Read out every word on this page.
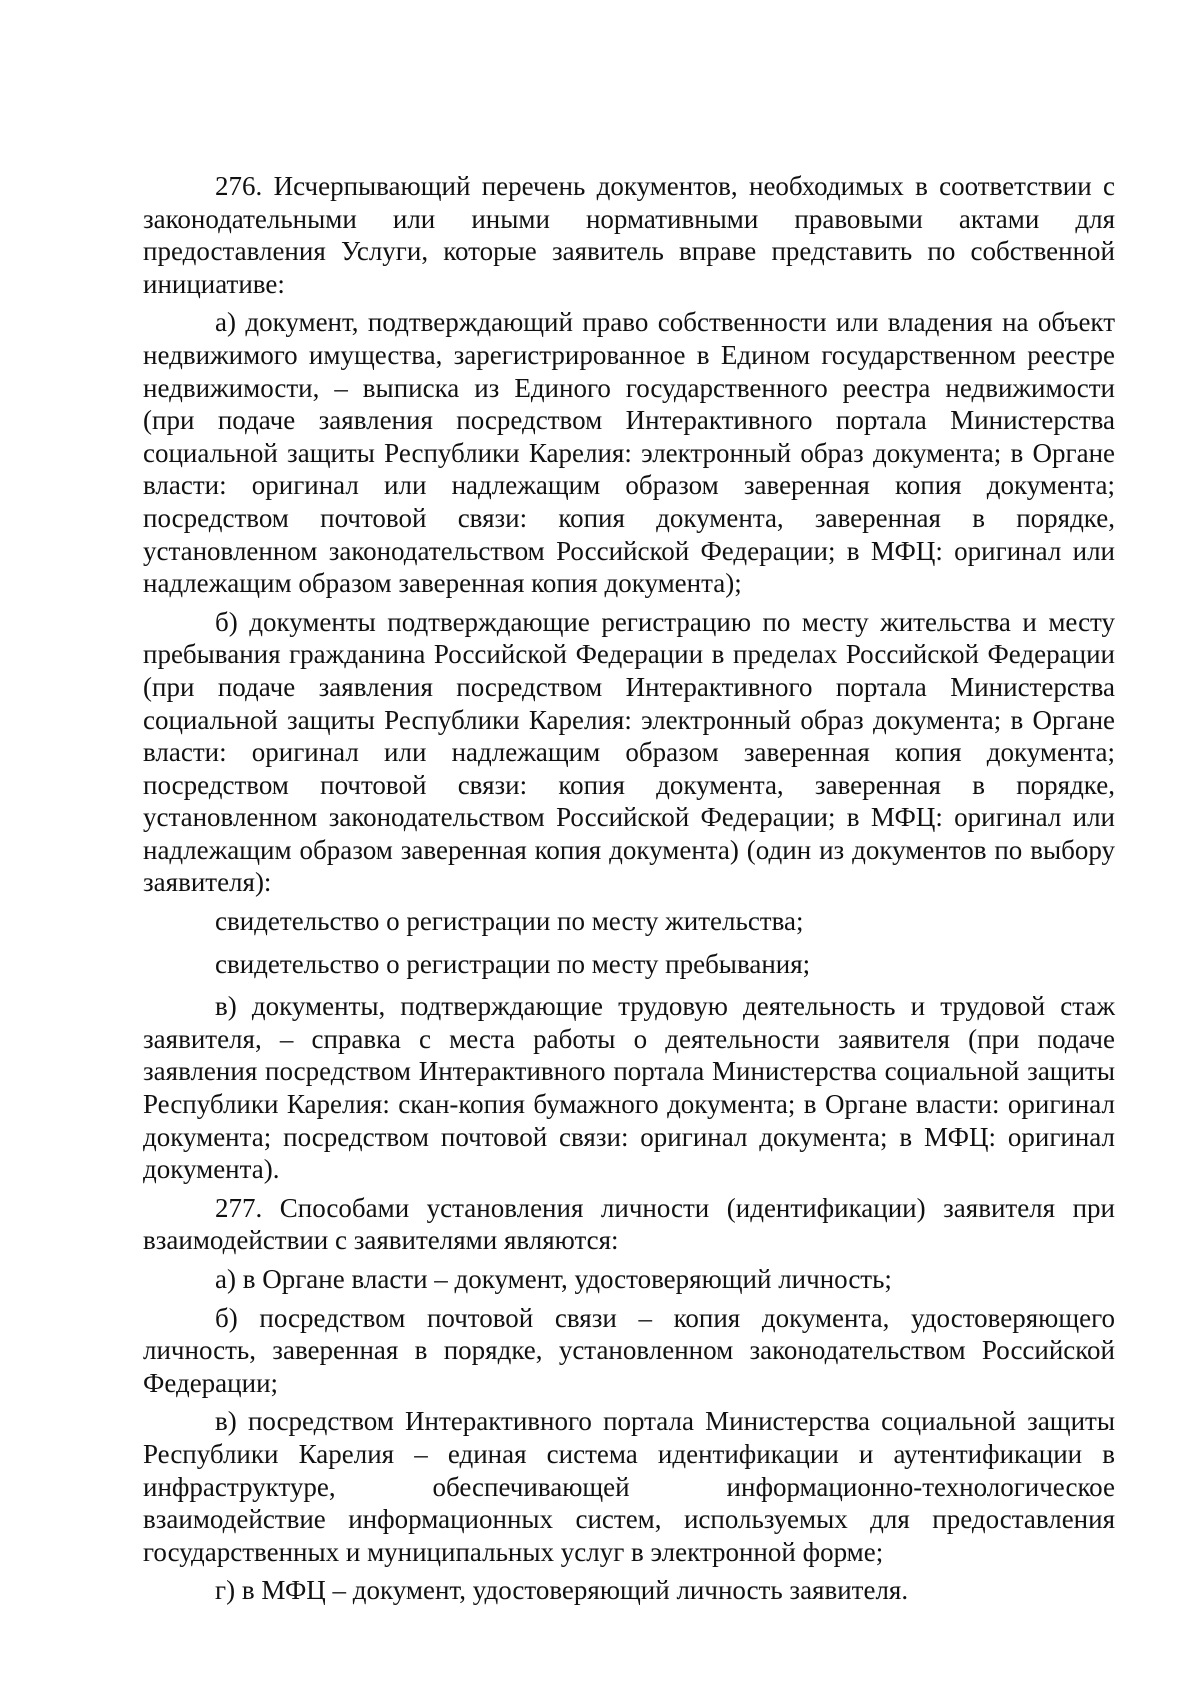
276. Исчерпывающий перечень документов, необходимых в соответствии с законодательными или иными нормативными правовыми актами для предоставления Услуги, которые заявитель вправе представить по собственной инициативе:

а) документ, подтверждающий право собственности или владения на объект недвижимого имущества, зарегистрированное в Едином государственном реестре недвижимости, – выписка из Единого государственного реестра недвижимости (при подаче заявления посредством Интерактивного портала Министерства социальной защиты Республики Карелия: электронный образ документа; в Органе власти: оригинал или надлежащим образом заверенная копия документа; посредством почтовой связи: копия документа, заверенная в порядке, установленном законодательством Российской Федерации; в МФЦ: оригинал или надлежащим образом заверенная копия документа);

б) документы подтверждающие регистрацию по месту жительства и месту пребывания гражданина Российской Федерации в пределах Российской Федерации (при подаче заявления посредством Интерактивного портала Министерства социальной защиты Республики Карелия: электронный образ документа; в Органе власти: оригинал или надлежащим образом заверенная копия документа; посредством почтовой связи: копия документа, заверенная в порядке, установленном законодательством Российской Федерации; в МФЦ: оригинал или надлежащим образом заверенная копия документа) (один из документов по выбору заявителя):

свидетельство о регистрации по месту жительства;

свидетельство о регистрации по месту пребывания;

в) документы, подтверждающие трудовую деятельность и трудовой стаж заявителя, – справка с места работы о деятельности заявителя (при подаче заявления посредством Интерактивного портала Министерства социальной защиты Республики Карелия: скан-копия бумажного документа; в Органе власти: оригинал документа; посредством почтовой связи: оригинал документа; в МФЦ: оригинал документа).

277. Способами установления личности (идентификации) заявителя при взаимодействии с заявителями являются:

а) в Органе власти – документ, удостоверяющий личность;

б) посредством почтовой связи – копия документа, удостоверяющего личность, заверенная в порядке, установленном законодательством Российской Федерации;

в) посредством Интерактивного портала Министерства социальной защиты Республики Карелия – единая система идентификации и аутентификации в инфраструктуре, обеспечивающей информационно-технологическое взаимодействие информационных систем, используемых для предоставления государственных и муниципальных услуг в электронной форме;

г) в МФЦ – документ, удостоверяющий личность заявителя.
